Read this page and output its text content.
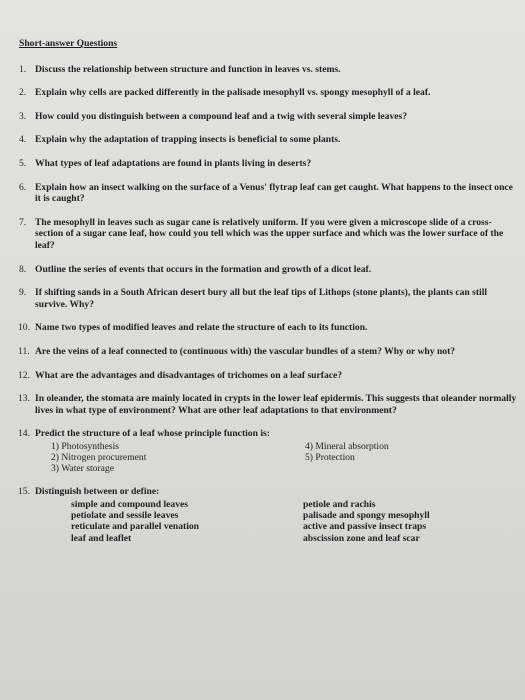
Short-answer Questions
1. Discuss the relationship between structure and function in leaves vs. stems.
2. Explain why cells are packed differently in the palisade mesophyll vs. spongy mesophyll of a leaf.
3. How could you distinguish between a compound leaf and a twig with several simple leaves?
4. Explain why the adaptation of trapping insects is beneficial to some plants.
5. What types of leaf adaptations are found in plants living in deserts?
6. Explain how an insect walking on the surface of a Venus' flytrap leaf can get caught. What happens to the insect once it is caught?
7. The mesophyll in leaves such as sugar cane is relatively uniform. If you were given a microscope slide of a cross-section of a sugar cane leaf, how could you tell which was the upper surface and which was the lower surface of the leaf?
8. Outline the series of events that occurs in the formation and growth of a dicot leaf.
9. If shifting sands in a South African desert bury all but the leaf tips of Lithops (stone plants), the plants can still survive. Why?
10. Name two types of modified leaves and relate the structure of each to its function.
11. Are the veins of a leaf connected to (continuous with) the vascular bundles of a stem? Why or why not?
12. What are the advantages and disadvantages of trichomes on a leaf surface?
13. In oleander, the stomata are mainly located in crypts in the lower leaf epidermis. This suggests that oleander normally lives in what type of environment? What are other leaf adaptations to that environment?
14. Predict the structure of a leaf whose principle function is:
1) Photosynthesis
2) Nitrogen procurement
3) Water storage
4) Mineral absorption
5) Protection
15. Distinguish between or define:
simple and compound leaves
petiolate and sessile leaves
reticulate and parallel venation
leaf and leaflet
petiole and rachis
palisade and spongy mesophyll
active and passive insect traps
abscission zone and leaf scar
